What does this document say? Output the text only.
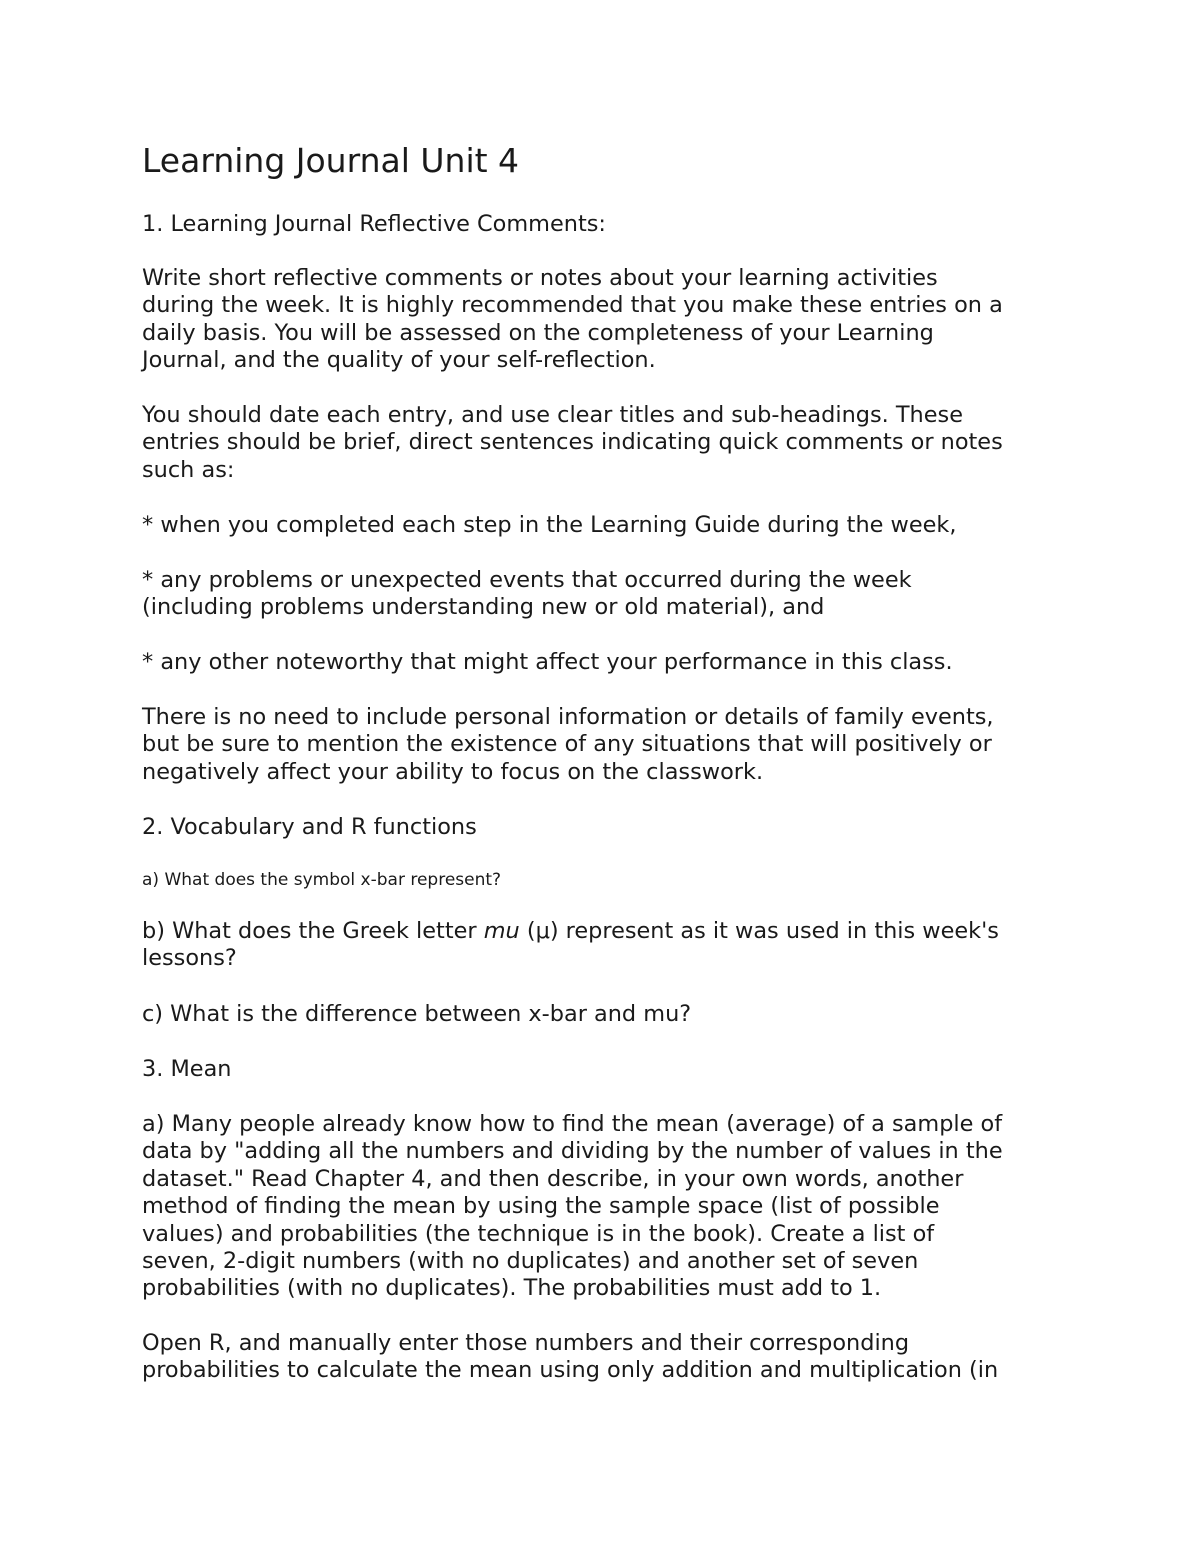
Learning Journal Unit 4

1. Learning Journal Reflective Comments:

Write short reflective comments or notes about your learning activities
during the week. It is highly recommended that you make these entries on a
daily basis. You will be assessed on the completeness of your Learning
Journal, and the quality of your self-reflection.

You should date each entry, and use clear titles and sub-headings. These
entries should be brief, direct sentences indicating quick comments or notes
such as:

* when you completed each step in the Learning Guide during the week,

* any problems or unexpected events that occurred during the week
(including problems understanding new or old material), and

* any other noteworthy that might affect your performance in this class.

There is no need to include personal information or details of family events,
but be sure to mention the existence of any situations that will positively or
negatively affect your ability to focus on the classwork.

2. Vocabulary and R functions

a) What does the symbol x-bar represent?

b) What does the Greek letter mu (μ) represent as it was used in this week's
lessons?

c) What is the difference between x-bar and mu?

3. Mean

a) Many people already know how to find the mean (average) of a sample of
data by "adding all the numbers and dividing by the number of values in the
dataset." Read Chapter 4, and then describe, in your own words, another
method of finding the mean by using the sample space (list of possible
values) and probabilities (the technique is in the book). Create a list of
seven, 2-digit numbers (with no duplicates) and another set of seven
probabilities (with no duplicates). The probabilities must add to 1.

Open R, and manually enter those numbers and their corresponding
probabilities to calculate the mean using only addition and multiplication (in
